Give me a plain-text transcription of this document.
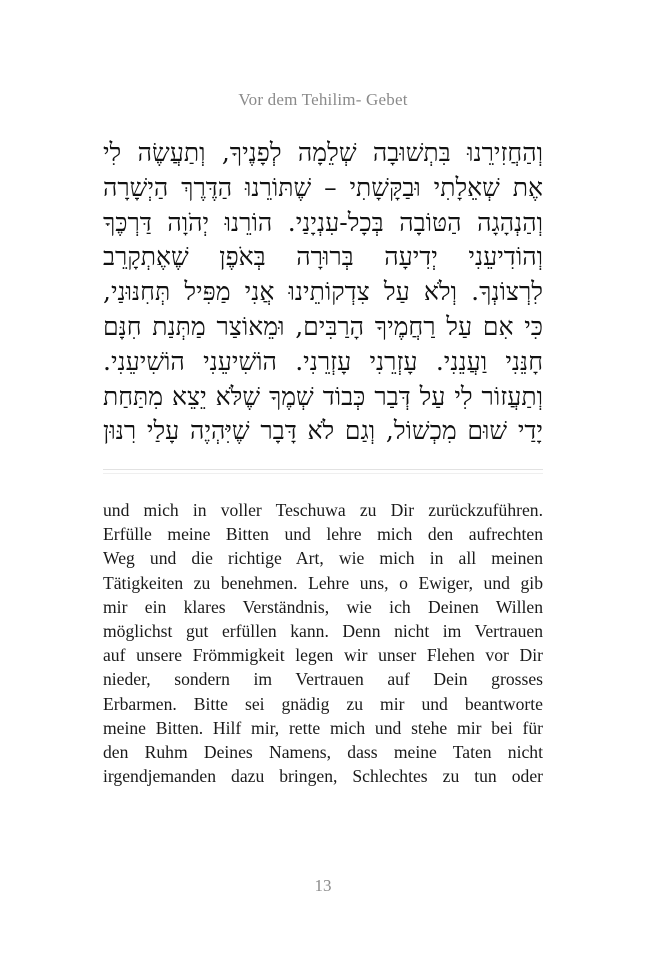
Vor dem Tehilim- Gebet
וְהַחֲזִירֵנוּ בִּתְשׁוּבָה שְׁלֵמָה לְפָנֶיךָ, וְתַעֲשֶׂה לִי
אֶת שְׁאֵלָתִי וּבַקָּשָׁתִי – שֶׁתּוֹרֵנוּ הַדֶּרֶךְ הַיְשָׁרָה
וְהַנְהָגָה הַטּוֹבָה בְּכָל-עִנְיָנַי. הוֹרֵנוּ יְהֹוָה דַּרְכֶּךָ
וְהוֹדִיעֵנִי יְדִיעָה בְּרוּרָה בְּאֹפֶן שֶׁאֶתְקָרֵב
לִרְצוֹנְךָ. וְלֹא עַל צִדְקוֹתֵינוּ אֲנִי מַפִּיל תְּחִנּוּנַי,
כִּי אִם עַל רַחֲמֶיךָ הָרַבִּים, וּמֵאוֹצַר מַתְּנַת חִנָּם
חָנֵּנִי וַעֲנֵנִי. עָזְרֵנִי עָזְרֵנִי. הוֹשִׁיעֵנִי הוֹשִׁיעֵנִי.
וְתַעֲזוֹר לִי עַל דְּבַר כְּבוֹד שְׁמֶךָ שֶׁלֹּא יֵצֵא מִתַּחַת
יָדַי שׁוּם מִכְשׁוֹל, וְגַם לֹא דָּבָר שֶׁיִּהְיֶה עָלַי רִנּוּן
und mich in voller Teschuwa zu Dir zurückzuführen.
Erfülle meine Bitten und lehre mich den aufrechten
Weg und die richtige Art, wie mich in all meinen
Tätigkeiten zu benehmen. Lehre uns, o Ewiger, und gib
mir ein klares Verständnis, wie ich Deinen Willen
möglichst gut erfüllen kann. Denn nicht im Vertrauen
auf unsere Frömmigkeit legen wir unser Flehen vor Dir
nieder, sondern im Vertrauen auf Dein grosses
Erbarmen. Bitte sei gnädig zu mir und beantworte
meine Bitten. Hilf mir, rette mich und stehe mir bei für
den Ruhm Deines Namens, dass meine Taten nicht
irgendjemanden dazu bringen, Schlechtes zu tun oder
13
